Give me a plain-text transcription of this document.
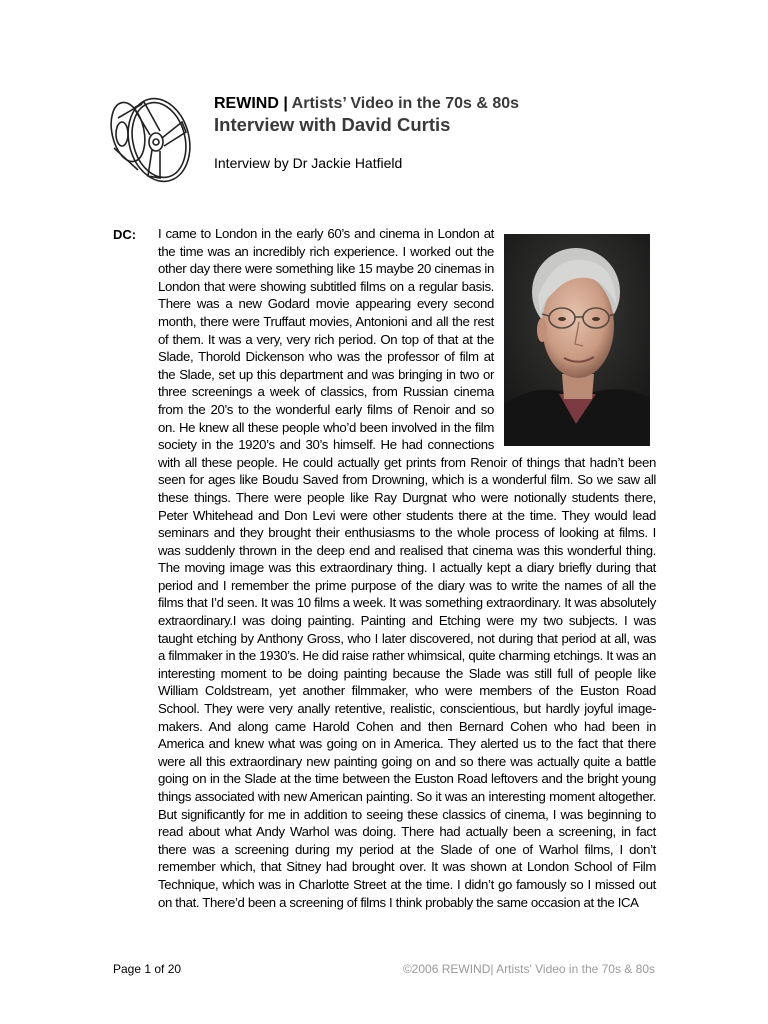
REWIND | Artists’ Video in the 70s & 80s
Interview with David Curtis
Interview by Dr Jackie Hatfield
DC: I came to London in the early 60’s and cinema in London at the time was an incredibly rich experience. I worked out the other day there were something like 15 maybe 20 cinemas in London that were showing subtitled films on a regular basis. There was a new Godard movie appearing every second month, there were Truffaut movies, Antonioni and all the rest of them. It was a very, very rich period. On top of that at the Slade, Thorold Dickenson who was the professor of film at the Slade, set up this department and was bringing in two or three screenings a week of classics, from Russian cinema from the 20’s to the wonderful early films of Renoir and so on. He knew all these people who’d been involved in the film society in the 1920’s and 30’s himself. He had connections with all these people. He could actually get prints from Renoir of things that hadn’t been seen for ages like Boudu Saved from Drowning, which is a wonderful film. So we saw all these things. There were people like Ray Durgnat who were notionally students there, Peter Whitehead and Don Levi were other students there at the time. They would lead seminars and they brought their enthusiasms to the whole process of looking at films. I was suddenly thrown in the deep end and realised that cinema was this wonderful thing. The moving image was this extraordinary thing. I actually kept a diary briefly during that period and I remember the prime purpose of the diary was to write the names of all the films that I’d seen. It was 10 films a week. It was something extraordinary. It was absolutely extraordinary.I was doing painting. Painting and Etching were my two subjects. I was taught etching by Anthony Gross, who I later discovered, not during that period at all, was a filmmaker in the 1930’s. He did raise rather whimsical, quite charming etchings. It was an interesting moment to be doing painting because the Slade was still full of people like William Coldstream, yet another filmmaker, who were members of the Euston Road School. They were very anally retentive, realistic, conscientious, but hardly joyful image-makers. And along came Harold Cohen and then Bernard Cohen who had been in America and knew what was going on in America. They alerted us to the fact that there were all this extraordinary new painting going on and so there was actually quite a battle going on in the Slade at the time between the Euston Road leftovers and the bright young things associated with new American painting. So it was an interesting moment altogether. But significantly for me in addition to seeing these classics of cinema, I was beginning to read about what Andy Warhol was doing. There had actually been a screening, in fact there was a screening during my period at the Slade of one of Warhol films, I don’t remember which, that Sitney had brought over. It was shown at London School of Film Technique, which was in Charlotte Street at the time. I didn’t go famously so I missed out on that. There’d been a screening of films I think probably the same occasion at the ICA

Page 1 of 20	©2006 REWIND| Artists' Video in the 70s & 80s
